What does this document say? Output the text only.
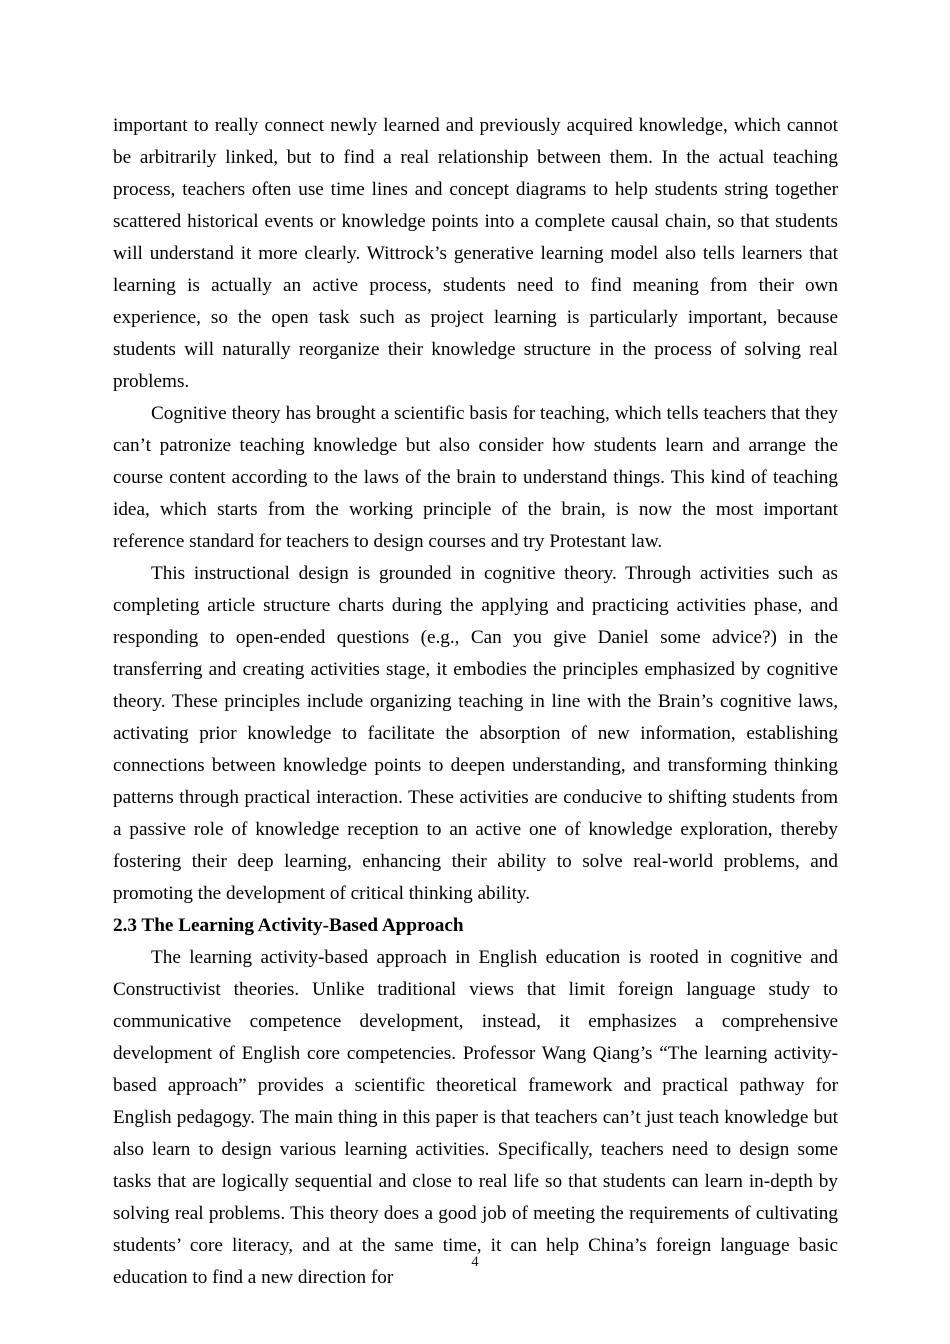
important to really connect newly learned and previously acquired knowledge, which cannot be arbitrarily linked, but to find a real relationship between them. In the actual teaching process, teachers often use time lines and concept diagrams to help students string together scattered historical events or knowledge points into a complete causal chain, so that students will understand it more clearly. Wittrock’s generative learning model also tells learners that learning is actually an active process, students need to find meaning from their own experience, so the open task such as project learning is particularly important, because students will naturally reorganize their knowledge structure in the process of solving real problems.

Cognitive theory has brought a scientific basis for teaching, which tells teachers that they can’t patronize teaching knowledge but also consider how students learn and arrange the course content according to the laws of the brain to understand things. This kind of teaching idea, which starts from the working principle of the brain, is now the most important reference standard for teachers to design courses and try Protestant law.

This instructional design is grounded in cognitive theory. Through activities such as completing article structure charts during the applying and practicing activities phase, and responding to open-ended questions (e.g., Can you give Daniel some advice?) in the transferring and creating activities stage, it embodies the principles emphasized by cognitive theory. These principles include organizing teaching in line with the Brain’s cognitive laws, activating prior knowledge to facilitate the absorption of new information, establishing connections between knowledge points to deepen understanding, and transforming thinking patterns through practical interaction. These activities are conducive to shifting students from a passive role of knowledge reception to an active one of knowledge exploration, thereby fostering their deep learning, enhancing their ability to solve real-world problems, and promoting the development of critical thinking ability.

2.3 The Learning Activity-Based Approach

The learning activity-based approach in English education is rooted in cognitive and Constructivist theories. Unlike traditional views that limit foreign language study to communicative competence development, instead, it emphasizes a comprehensive development of English core competencies. Professor Wang Qiang’s “The learning activity-based approach” provides a scientific theoretical framework and practical pathway for English pedagogy. The main thing in this paper is that teachers can’t just teach knowledge but also learn to design various learning activities. Specifically, teachers need to design some tasks that are logically sequential and close to real life so that students can learn in-depth by solving real problems. This theory does a good job of meeting the requirements of cultivating students’ core literacy, and at the same time, it can help China’s foreign language basic education to find a new direction for

4
